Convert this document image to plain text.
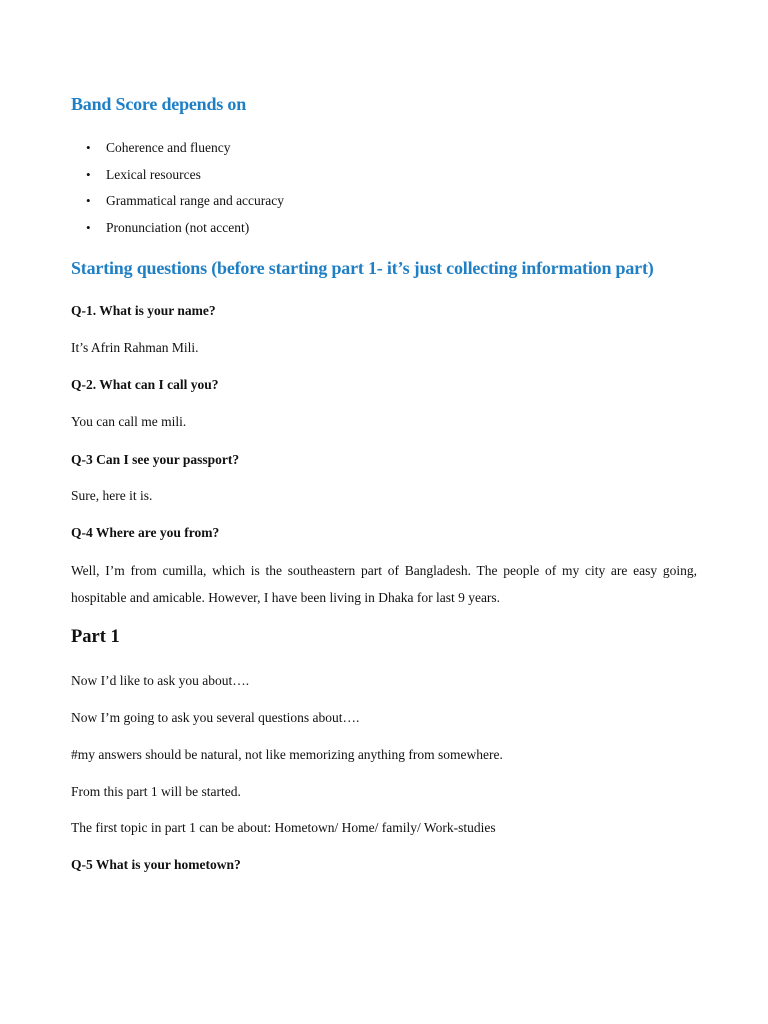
Band Score depends on
• Coherence and fluency
• Lexical resources
• Grammatical range and accuracy
• Pronunciation (not accent)
Starting questions (before starting part 1- it’s just collecting information part)
Q-1. What is your name?
It’s Afrin Rahman Mili.
Q-2. What can I call you?
You can call me mili.
Q-3 Can I see your passport?
Sure, here it is.
Q-4 Where are you from?
Well, I’m from cumilla, which is the southeastern part of Bangladesh. The people of my city are easy going, hospitable and amicable. However, I have been living in Dhaka for last 9 years.
Part 1
Now I’d like to ask you about….
Now I’m going to ask you several questions about….
#my answers should be natural, not like memorizing anything from somewhere.
From this part 1 will be started.
The first topic in part 1 can be about: Hometown/ Home/ family/ Work-studies
Q-5 What is your hometown?
